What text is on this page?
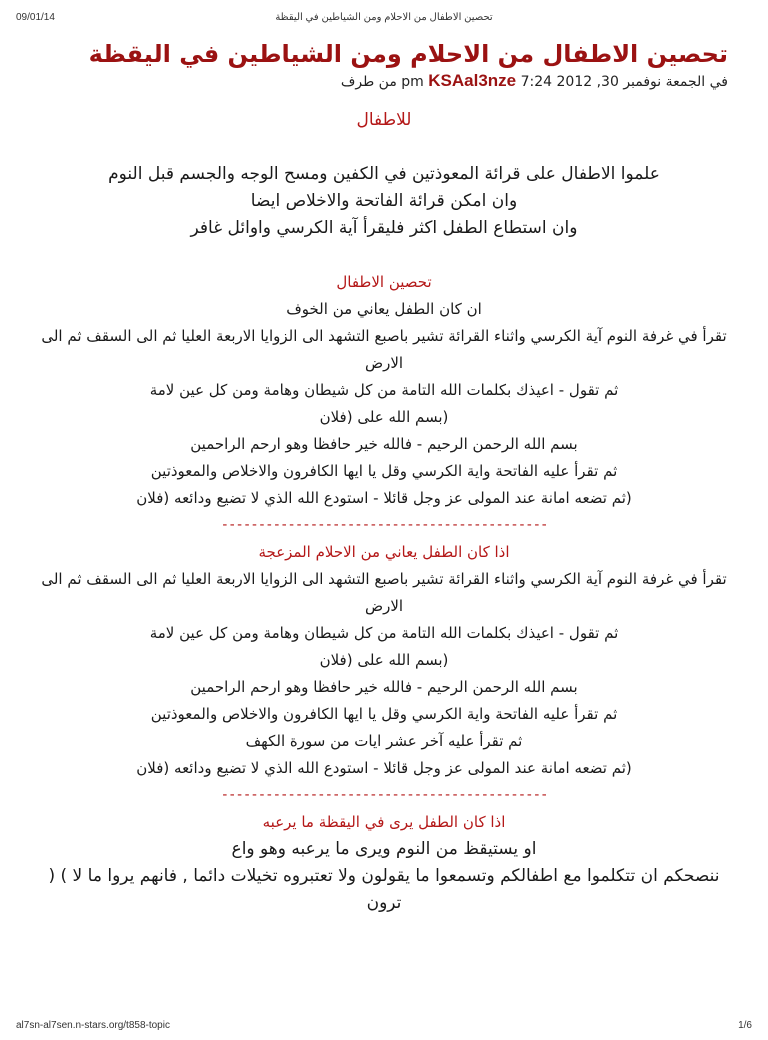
09/01/14	تحصين الاطفال من الاحلام ومن الشياطين في اليقظة
تحصين الاطفال من الاحلام ومن الشياطين في اليقظة
في الجمعة نوفمبر 30, 2012 7:24 pm KSAal3nze من طرف
للاطفال
علموا الاطفال على قرائة المعوذتين في الكفين ومسح الوجه والجسم قبل النوم
وان امكن قرائة الفاتحة والاخلاص ايضا
وان استطاع الطفل اكثر فليقرأ آية الكرسي واوائل غافر
تحصين الاطفال
ان كان الطفل يعاني من الخوف
تقرأ في غرفة النوم آية الكرسي واثناء القرائة تشير باصبع التشهد الى الزوايا الاربعة العليا ثم الى السقف ثم الى الارض
ثم تقول - اعيذك بكلمات الله التامة من كل شيطان وهامة ومن كل عين لامة
(بسم الله على (فلان
بسم الله الرحمن الرحيم - فالله خير حافظا وهو ارحم الراحمين
ثم تقرأ عليه الفاتحة واية الكرسي وقل يا ايها الكافرون والاخلاص والمعوذتين
(ثم تضعه امانة عند المولى عز وجل قائلا - استودع الله الذي لا تضيع ودائعه (فلان
--------------------------------------------
اذا كان الطفل يعاني من الاحلام المزعجة
تقرأ في غرفة النوم آية الكرسي واثناء القرائة تشير باصبع التشهد الى الزوايا الاربعة العليا ثم الى السقف ثم الى الارض
ثم تقول - اعيذك بكلمات الله التامة من كل شيطان وهامة ومن كل عين لامة
(بسم الله على (فلان
بسم الله الرحمن الرحيم - فالله خير حافظا وهو ارحم الراحمين
ثم تقرأ عليه الفاتحة واية الكرسي وقل يا ايها الكافرون والاخلاص والمعوذتين
ثم تقرأ عليه آخر عشر ايات من سورة الكهف
(ثم تضعه امانة عند المولى عز وجل قائلا - استودع الله الذي لا تضيع ودائعه (فلان
--------------------------------------------
اذا كان الطفل يرى في اليقظة ما يرعبه
او يستيقظ من النوم ويرى ما يرعبه وهو واع
ننصحكم ان تتكلموا مع اطفالكم وتسمعوا ما يقولون ولا تعتبروه تخيلات دائما , فانهم يروا ما لا ) ( ترون
al7sn-al7sen.n-stars.org/t858-topic	1/6
